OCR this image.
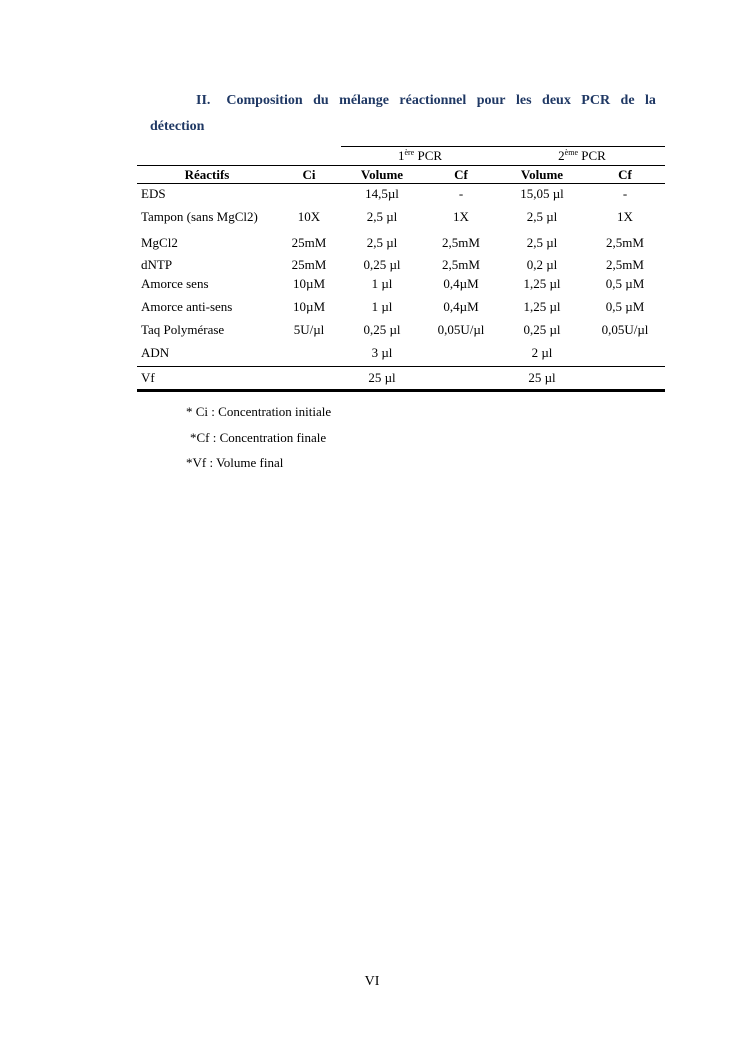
II. Composition du mélange réactionnel pour les deux PCR de la
détection
		1ère PCR		2ème PCR	
Réactifs	Ci	Volume	Cf	Volume	Cf
EDS		14,5µl	-	15,05 µl	-
Tampon (sans MgCl2)	10X	2,5 µl	1X	2,5 µl	1X
MgCl2	25mM	2,5 µl	2,5mM	2,5 µl	2,5mM
dNTP	25mM	0,25 µl	2,5mM	0,2 µl	2,5mM
Amorce sens	10µM	1 µl	0,4µM	1,25 µl	0,5 µM
Amorce anti-sens	10µM	1 µl	0,4µM	1,25 µl	0,5 µM
Taq Polymérase	5U/µl	0,25 µl	0,05U/µl	0,25 µl	0,05U/µl
ADN		3 µl		2 µl	
Vf		25 µl		25 µl	
* Ci : Concentration initiale
*Cf : Concentration finale
*Vf : Volume final
VI
